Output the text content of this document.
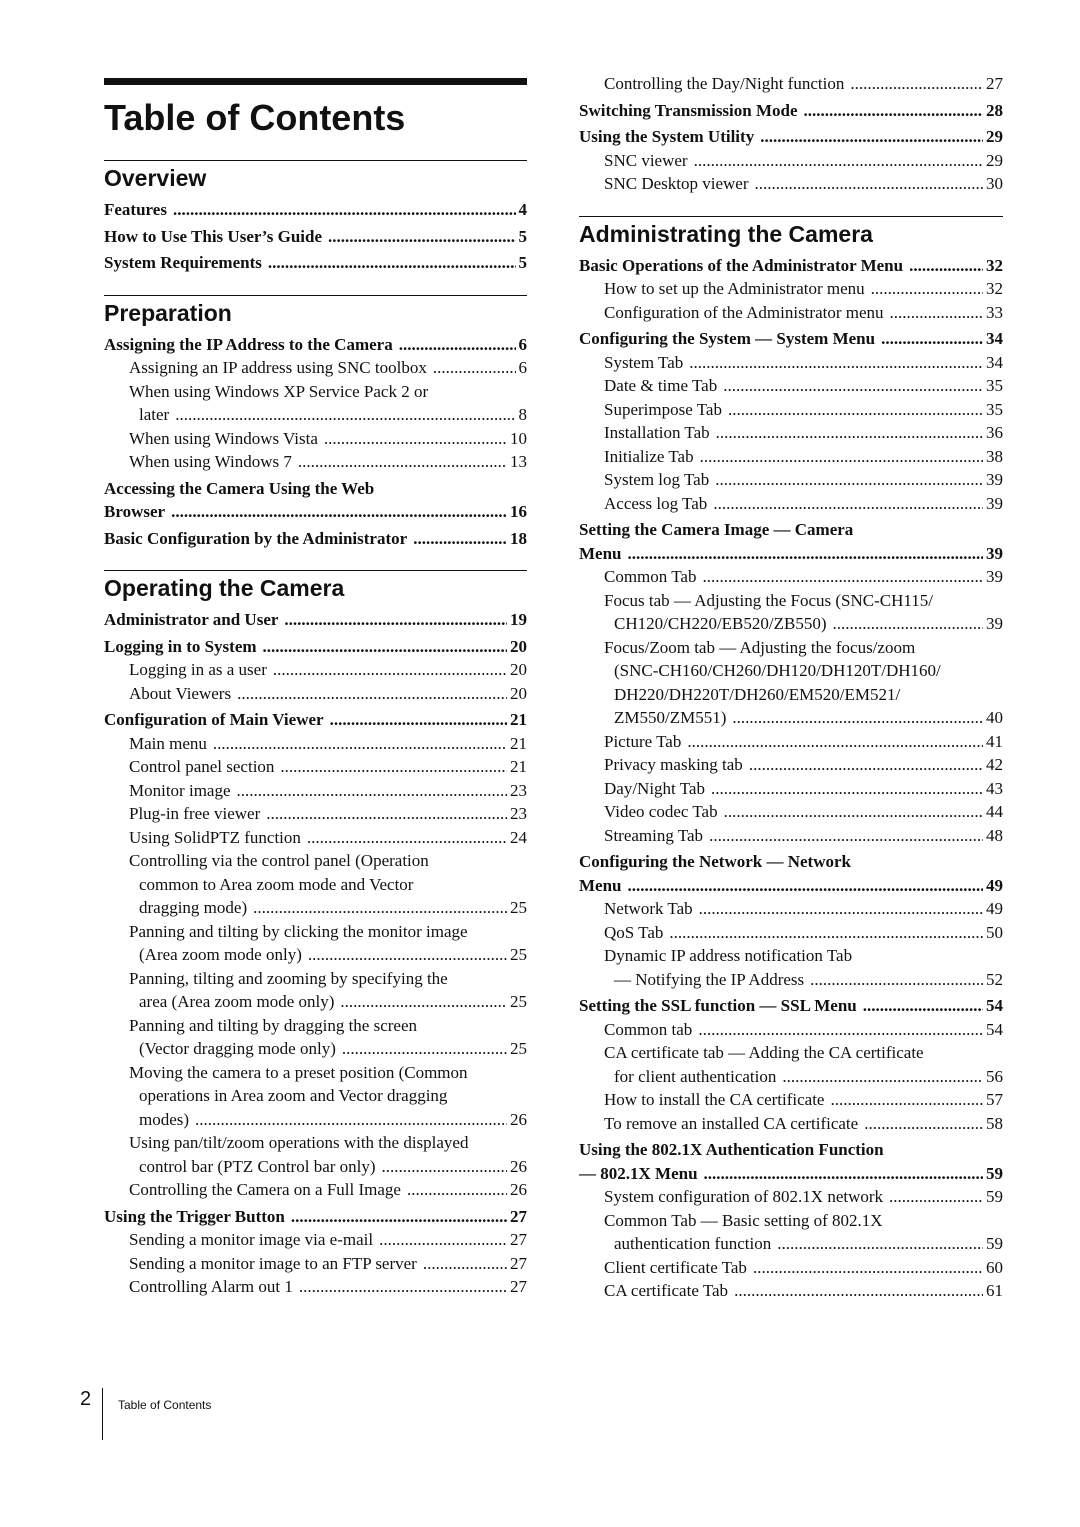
Table of Contents
Overview
Features .....	4
How to Use This User’s Guide .....	5
System Requirements .....	5
Preparation
Assigning the IP Address to the Camera .....	6
Assigning an IP address using SNC toolbox .....	6
When using Windows XP Service Pack 2 or
later .....	8
When using Windows Vista .....	10
When using Windows 7 .....	13
Accessing the Camera Using the Web
Browser .....	16
Basic Configuration by the Administrator .....	18
Operating the Camera
Administrator and User .....	19
Logging in to System .....	20
Logging in as a user .....	20
About Viewers .....	20
Configuration of Main Viewer .....	21
Main menu .....	21
Control panel section .....	21
Monitor image .....	23
Plug-in free viewer .....	23
Using SolidPTZ function .....	24
Controlling via the control panel (Operation
common to Area zoom mode and Vector
dragging mode) .....	25
Panning and tilting by clicking the monitor image
(Area zoom mode only) .....	25
Panning, tilting and zooming by specifying the
area (Area zoom mode only) .....	25
Panning and tilting by dragging the screen
(Vector dragging mode only) .....	25
Moving the camera to a preset position (Common
operations in Area zoom and Vector dragging
modes) .....	26
Using pan/tilt/zoom operations with the displayed
control bar (PTZ Control bar only) .....	26
Controlling the Camera on a Full Image .....	26
Using the Trigger Button .....	27
Sending a monitor image via e-mail .....	27
Sending a monitor image to an FTP server .....	27
Controlling Alarm out 1 .....	27
Controlling the Day/Night function .....	27
Switching Transmission Mode .....	28
Using the System Utility .....	29
SNC viewer .....	29
SNC Desktop viewer .....	30
Administrating the Camera
Basic Operations of the Administrator Menu .....	32
How to set up the Administrator menu .....	32
Configuration of the Administrator menu .....	33
Configuring the System — System Menu .....	34
System Tab .....	34
Date & time Tab .....	35
Superimpose Tab .....	35
Installation Tab .....	36
Initialize Tab .....	38
System log Tab .....	39
Access log Tab .....	39
Setting the Camera Image — Camera
Menu .....	39
Common Tab .....	39
Focus tab — Adjusting the Focus (SNC-CH115/
CH120/CH220/EB520/ZB550) .....	39
Focus/Zoom tab — Adjusting the focus/zoom
(SNC-CH160/CH260/DH120/DH120T/DH160/
DH220/DH220T/DH260/EM520/EM521/
ZM550/ZM551) .....	40
Picture Tab .....	41
Privacy masking tab .....	42
Day/Night Tab .....	43
Video codec Tab .....	44
Streaming Tab .....	48
Configuring the Network — Network
Menu .....	49
Network Tab .....	49
QoS Tab .....	50
Dynamic IP address notification Tab
— Notifying the IP Address .....	52
Setting the SSL function — SSL Menu .....	54
Common tab .....	54
CA certificate tab — Adding the CA certificate
for client authentication .....	56
How to install the CA certificate .....	57
To remove an installed CA certificate .....	58
Using the 802.1X Authentication Function
— 802.1X Menu .....	59
System configuration of 802.1X network .....	59
Common Tab — Basic setting of 802.1X
authentication function .....	59
Client certificate Tab .....	60
CA certificate Tab .....	61
2 Table of Contents
